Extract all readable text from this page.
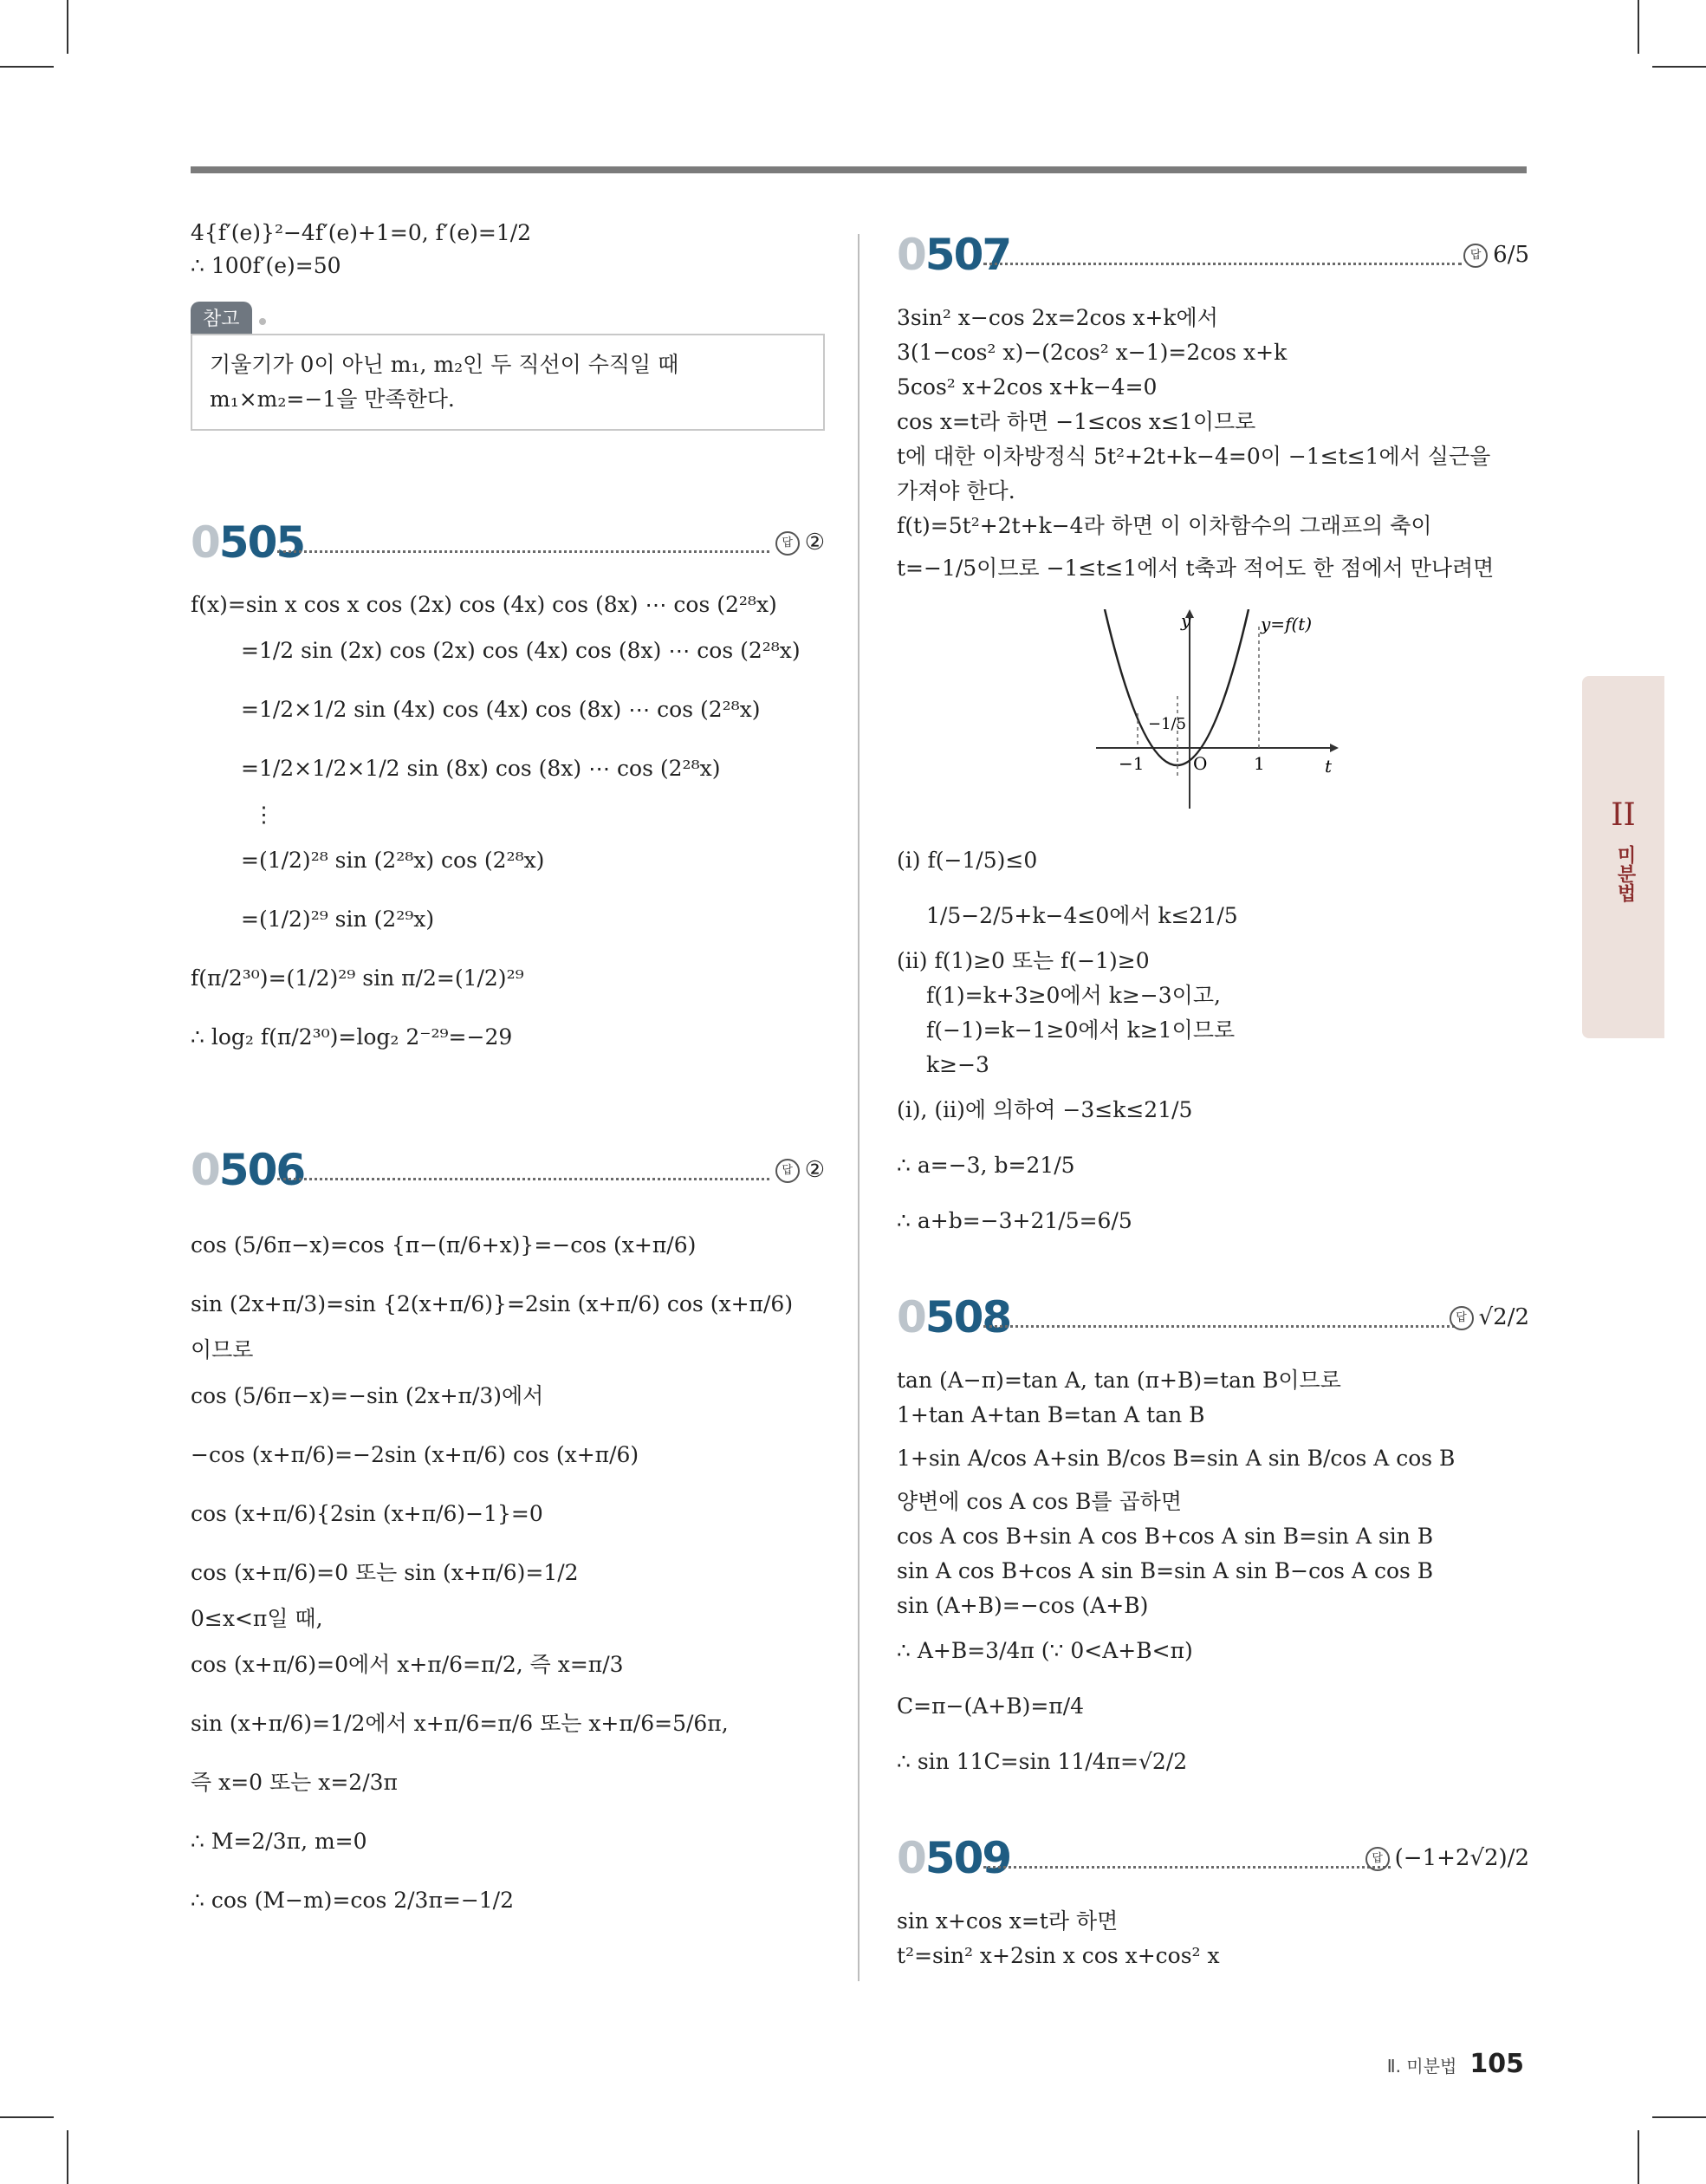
4{f′(e)}²−4f′(e)+1=0, f′(e)=1/2
∴ 100f′(e)=50
참고
기울기가 0이 아닌 m₁, m₂인 두 직선이 수직일 때
m₁×m₂=−1을 만족한다.
0505	답 ②
f(x)=sin x cos x cos (2x) cos (4x) cos (8x) ⋯ cos (2²⁸x)
=1/2 sin (2x) cos (2x) cos (4x) cos (8x) ⋯ cos (2²⁸x)
=1/2×1/2 sin (4x) cos (4x) cos (8x) ⋯ cos (2²⁸x)
=1/2×1/2×1/2 sin (8x) cos (8x) ⋯ cos (2²⁸x)
⋮
=(1/2)²⁸ sin (2²⁸x) cos (2²⁸x)
=(1/2)²⁹ sin (2²⁹x)
f(π/2³⁰)=(1/2)²⁹ sin π/2=(1/2)²⁹
∴ log₂ f(π/2³⁰)=log₂ 2⁻²⁹=−29
0506	답 ②
cos (5/6π−x)=cos {π−(π/6+x)}=−cos (x+π/6)
sin (2x+π/3)=sin {2(x+π/6)}=2sin (x+π/6) cos (x+π/6)
이므로
cos (5/6π−x)=−sin (2x+π/3)에서
−cos (x+π/6)=−2sin (x+π/6) cos (x+π/6)
cos (x+π/6){2sin (x+π/6)−1}=0
cos (x+π/6)=0 또는 sin (x+π/6)=1/2
0≤x<π일 때,
cos (x+π/6)=0에서 x+π/6=π/2, 즉 x=π/3
sin (x+π/6)=1/2에서 x+π/6=π/6 또는 x+π/6=5/6π,
즉 x=0 또는 x=2/3π
∴ M=2/3π, m=0
∴ cos (M−m)=cos 2/3π=−1/2
0507	답 6/5
3sin² x−cos 2x=2cos x+k에서
3(1−cos² x)−(2cos² x−1)=2cos x+k
5cos² x+2cos x+k−4=0
cos x=t라 하면 −1≤cos x≤1이므로
t에 대한 이차방정식 5t²+2t+k−4=0이 −1≤t≤1에서 실근을
가져야 한다.
f(t)=5t²+2t+k−4라 하면 이 이차함수의 그래프의 축이
t=−1/5이므로 −1≤t≤1에서 t축과 적어도 한 점에서 만나려면
y	y=f(t)
t
O
−1	1
−1/5
(ⅰ) f(−1/5)≤0
1/5−2/5+k−4≤0에서 k≤21/5
(ⅱ) f(1)≥0 또는 f(−1)≥0
f(1)=k+3≥0에서 k≥−3이고,
f(−1)=k−1≥0에서 k≥1이므로
k≥−3
(ⅰ), (ⅱ)에 의하여 −3≤k≤21/5
∴ a=−3, b=21/5
∴ a+b=−3+21/5=6/5
0508	답 √2/2
tan (A−π)=tan A, tan (π+B)=tan B이므로
1+tan A+tan B=tan A tan B
1+sin A/cos A+sin B/cos B=sin A sin B/cos A cos B
양변에 cos A cos B를 곱하면
cos A cos B+sin A cos B+cos A sin B=sin A sin B
sin A cos B+cos A sin B=sin A sin B−cos A cos B
sin (A+B)=−cos (A+B)
∴ A+B=3/4π (∵ 0<A+B<π)
C=π−(A+B)=π/4
∴ sin 11C=sin 11/4π=√2/2
0509	답 (−1+2√2)/2
sin x+cos x=t라 하면
t²=sin² x+2sin x cos x+cos² x
II
미분법
Ⅱ. 미분법 105
